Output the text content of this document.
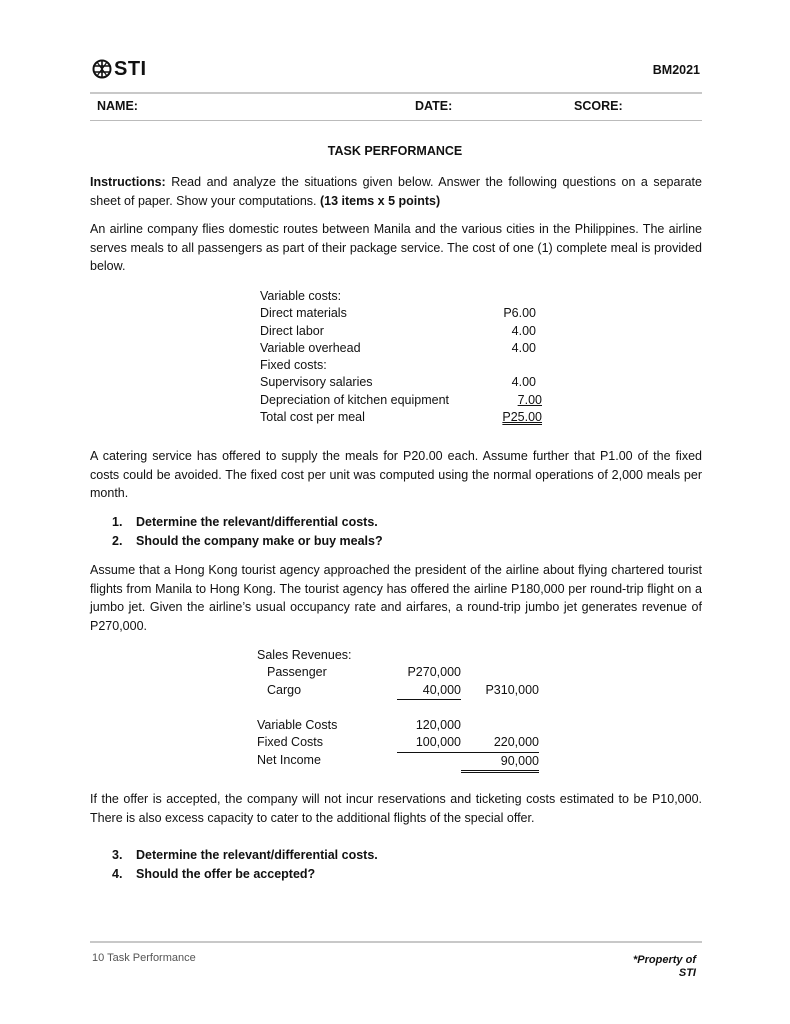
STI	BM2021
NAME:	DATE:	SCORE:
TASK PERFORMANCE
Instructions: Read and analyze the situations given below. Answer the following questions on a separate sheet of paper. Show your computations. (13 items x 5 points)
An airline company flies domestic routes between Manila and the various cities in the Philippines. The airline serves meals to all passengers as part of their package service. The cost of one (1) complete meal is provided below.
Variable costs:	
Direct materials	P6.00
Direct labor	4.00
Variable overhead	4.00
Fixed costs:	
Supervisory salaries	4.00
Depreciation of kitchen equipment	7.00
Total cost per meal	P25.00
A catering service has offered to supply the meals for P20.00 each. Assume further that P1.00 of the fixed costs could be avoided. The fixed cost per unit was computed using the normal operations of 2,000 meals per month.
1. Determine the relevant/differential costs.
2. Should the company make or buy meals?
Assume that a Hong Kong tourist agency approached the president of the airline about flying chartered tourist flights from Manila to Hong Kong. The tourist agency has offered the airline P180,000 per round-trip flight on a jumbo jet. Given the airline’s usual occupancy rate and airfares, a round-trip jumbo jet generates revenue of P270,000.
Sales Revenues:		
Passenger	P270,000	
Cargo	40,000	P310,000

Variable Costs	120,000	
Fixed Costs	100,000	220,000
Net Income		90,000
If the offer is accepted, the company will not incur reservations and ticketing costs estimated to be P10,000. There is also excess capacity to cater to the additional flights of the special offer.
3. Determine the relevant/differential costs.
4. Should the offer be accepted?
10 Task Performance	*Property of
STI
